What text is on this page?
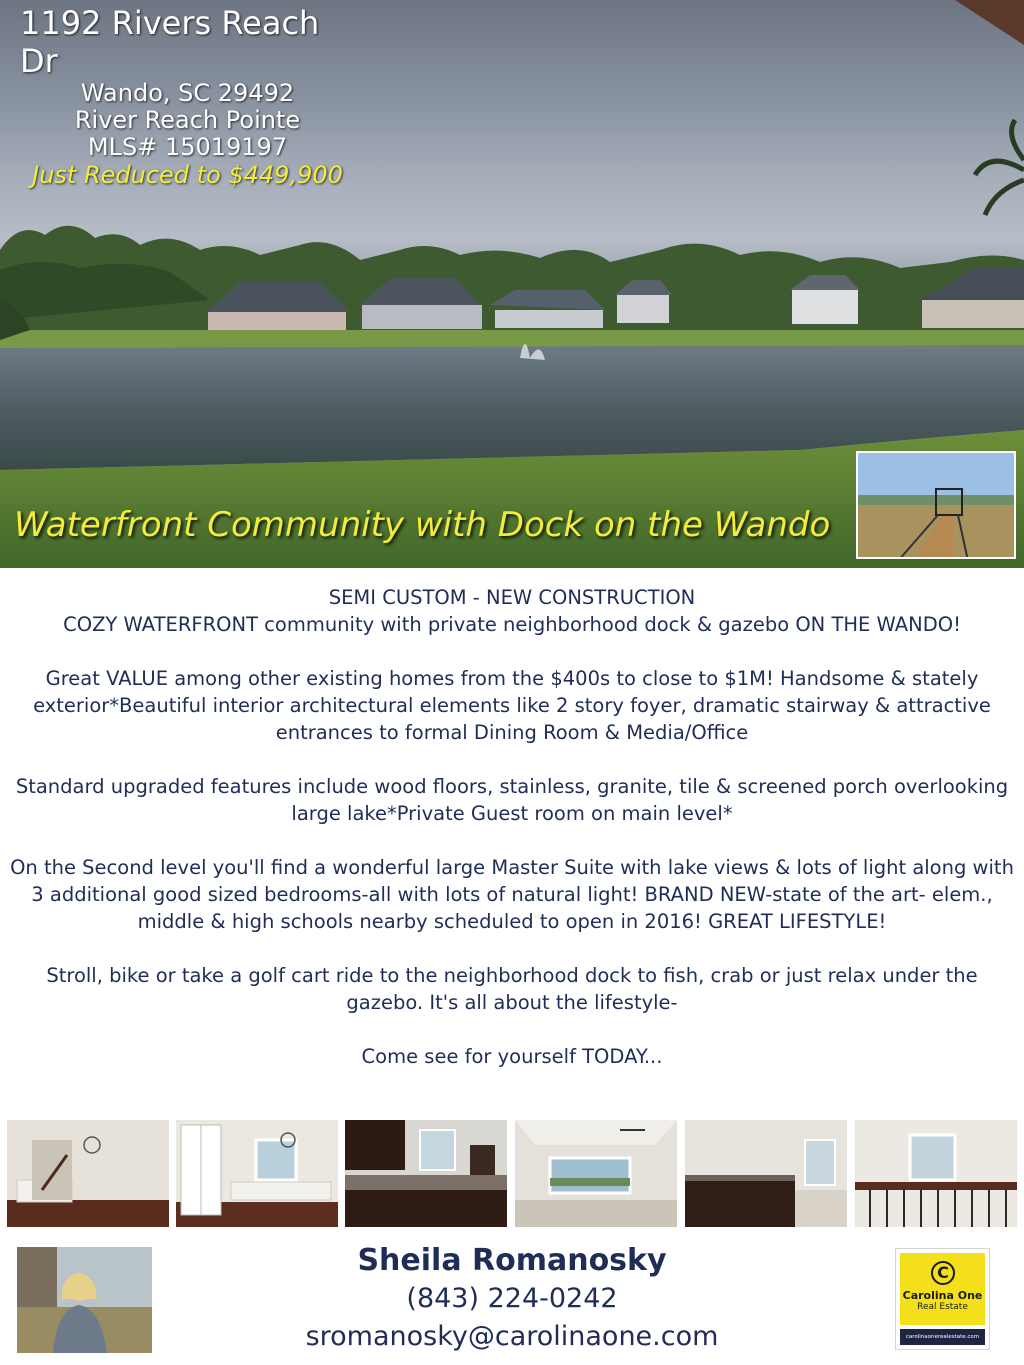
1192 Rivers Reach Dr
Wando, SC 29492
River Reach Pointe
MLS# 15019197
Just Reduced to $449,900
Waterfront Community with Dock on the Wando

SEMI CUSTOM - NEW CONSTRUCTION

COZY WATERFRONT community with private neighborhood dock & gazebo ON THE WANDO!

Great VALUE among other existing homes from the $400s to close to $1M! Handsome & stately exterior*Beautiful interior architectural elements like 2 story foyer, dramatic stairway & attractive entrances to formal Dining Room & Media/Office

Standard upgraded features include wood floors, stainless, granite, tile & screened porch overlooking large lake*Private Guest room on main level*

On the Second level you'll find a wonderful large Master Suite with lake views & lots of light along with 3 additional good sized bedrooms-all with lots of natural light! BRAND NEW-state of the art- elem., middle & high schools nearby scheduled to open in 2016! GREAT LIFESTYLE!

Stroll, bike or take a golf cart ride to the neighborhood dock to fish, crab or just relax under the gazebo. It's all about the lifestyle-

Come see for yourself TODAY...

Sheila Romanosky
(843) 224-0242
sromanosky@carolinaone.com
C
Carolina One
Real Estate
carolinaonerealestate.com
